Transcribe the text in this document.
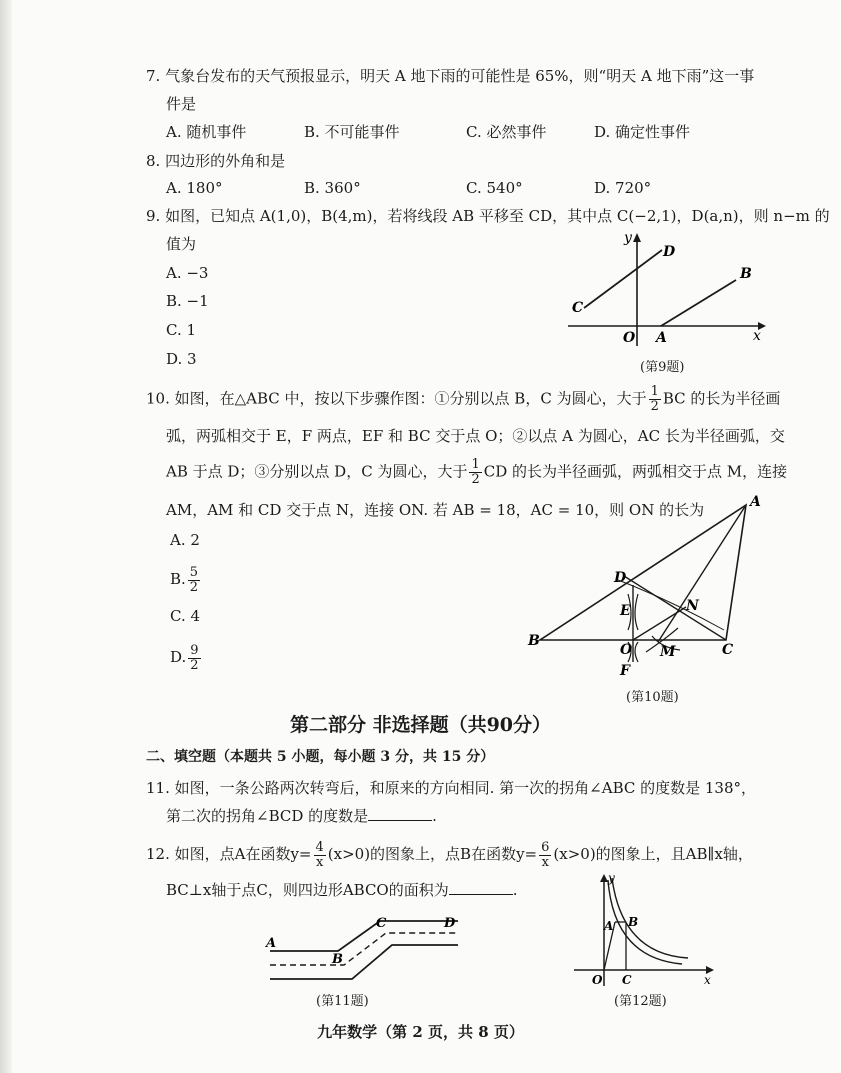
7. 气象台发布的天气预报显示，明天 A 地下雨的可能性是 65%，则“明天 A 地下雨”这一事
件是
A. 随机事件	B. 不可能事件	C. 必然事件	D. 确定性事件
8. 四边形的外角和是
A. 180°	B. 360°	C. 540°	D. 720°
9. 如图，已知点 A(1,0)，B(4,m)，若将线段 AB 平移至 CD，其中点 C(−2,1)，D(a,n)，则 n−m 的
值为
A. −3
B. −1
C. 1
D. 3
y
D
B
C
O A	x
(第9题)
10. 如图，在△ABC 中，按以下步骤作图：①分别以点 B，C 为圆心，大于 $\frac{1}{2}$ BC 的长为半径画
弧，两弧相交于 E，F 两点，EF 和 BC 交于点 O；②以点 A 为圆心，AC 长为半径画弧，交
AB 于点 D；③分别以点 D，C 为圆心，大于 $\frac{1}{2}$ CD 的长为半径画弧，两弧相交于点 M，连接
AM，AM 和 CD 交于点 N，连接 ON. 若 AB = 18，AC = 10，则 ON 的长为
A. 2
B. $\frac{5}{2}$
C. 4
D. $\frac{9}{2}$
A
B
C
D
E
F
O
N
M
(第10题)
第二部分 非选择题（共90分）
二、填空题（本题共 5 小题，每小题 3 分，共 15 分）
11. 如图，一条公路两次转弯后，和原来的方向相同. 第一次的拐角∠ABC 的度数是 138°，
第二次的拐角∠BCD 的度数是	.
12. 如图，点A在函数$y= \frac{4}{x} (x>0)$的图象上，点B在函数$y= \frac{6}{x} (x>0)$的图象上，且AB∥x轴，
BC⊥x轴于点C，则四边形ABCO的面积为	.
A
B
C	D
(第11题)
y
A B
O C	x
(第12题)
九年数学（第 2 页，共 8 页）
